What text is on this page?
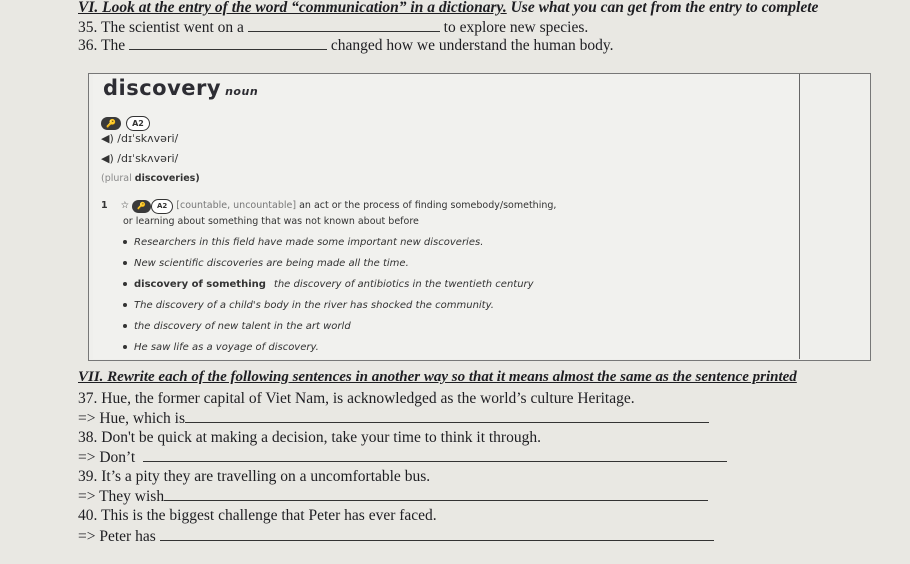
VI. Look at the entry of the word “communication” in a dictionary. Use what you can get from the entry to complete
35. The scientist went on a	to explore new species.
36. The	changed how we understand the human body.
discovery noun
🔑 A2
◀) /dɪˈskʌvəri/
◀) /dɪˈskʌvəri/
(plural discoveries)
1 ☆ 🔑 A2 [countable, uncountable] an act or the process of finding somebody/something,
or learning about something that was not known about before
Researchers in this field have made some important new discoveries.
New scientific discoveries are being made all the time.
discovery of something the discovery of antibiotics in the twentieth century
The discovery of a child's body in the river has shocked the community.
the discovery of new talent in the art world
He saw life as a voyage of discovery.
VII. Rewrite each of the following sentences in another way so that it means almost the same as the sentence printed
37. Hue, the former capital of Viet Nam, is acknowledged as the world’s culture Heritage.
=> Hue, which is
38. Don't be quick at making a decision, take your time to think it through.
=> Don’t
39. It’s a pity they are travelling on a uncomfortable bus.
=> They wish
40. This is the biggest challenge that Peter has ever faced.
=> Peter has
